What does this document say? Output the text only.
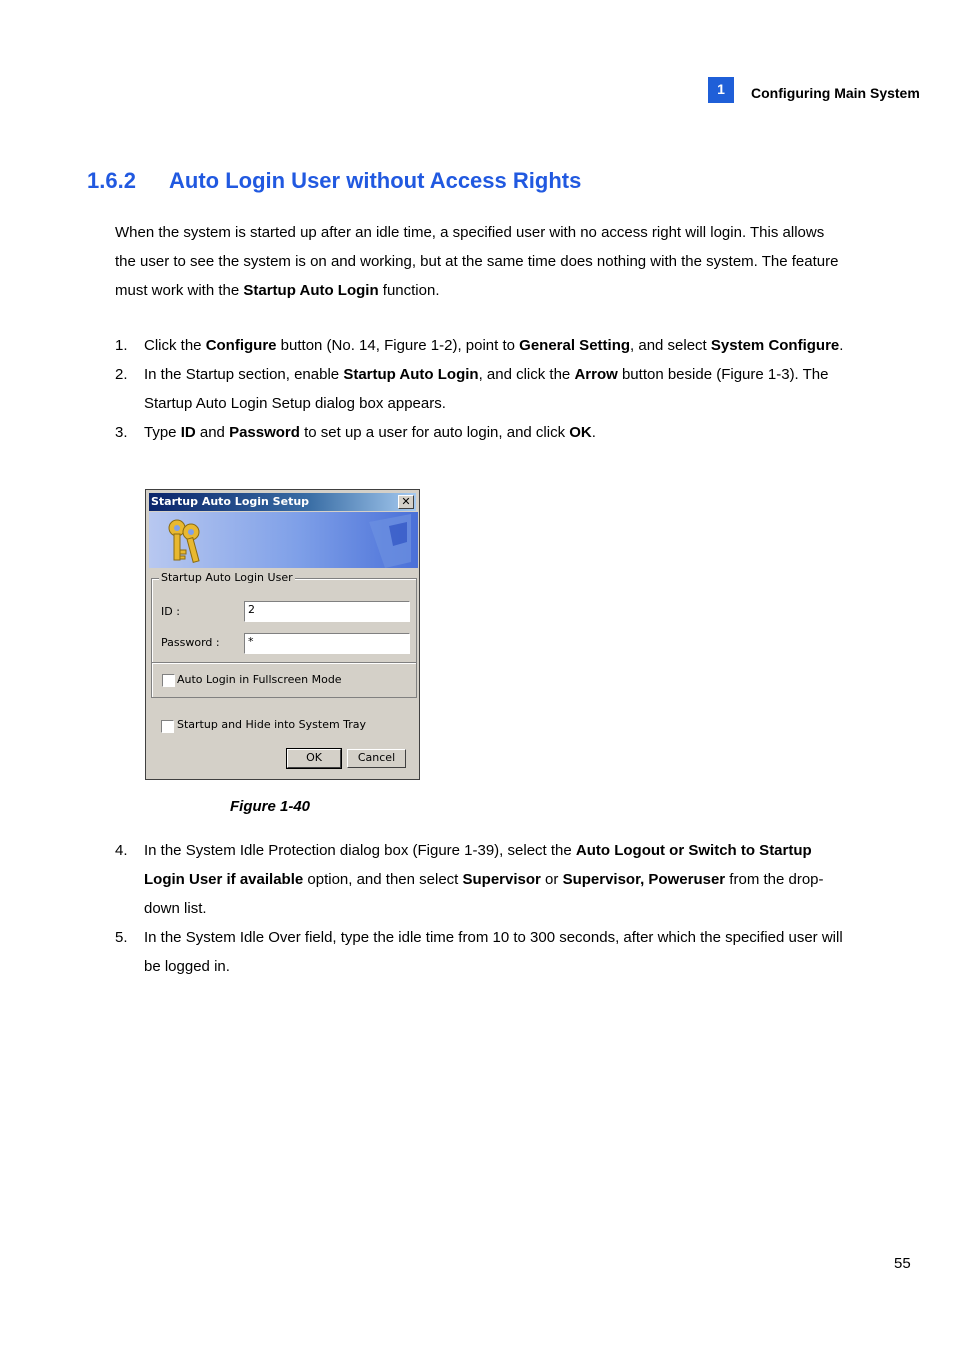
1	Configuring Main System
1.6.2 Auto Login User without Access Rights
When the system is started up after an idle time, a specified user with no access right will login. This allows the user to see the system is on and working, but at the same time does nothing with the system. The feature must work with the Startup Auto Login function.
1. Click the Configure button (No. 14, Figure 1-2), point to General Setting, and select System Configure.
2. In the Startup section, enable Startup Auto Login, and click the Arrow button beside (Figure 1-3). The Startup Auto Login Setup dialog box appears.
3. Type ID and Password to set up a user for auto login, and click OK.
Startup Auto Login Setup	✕
Startup Auto Login User
ID :	2
Password :	*
Auto Login in Fullscreen Mode
Startup and Hide into System Tray
OK	Cancel
Figure 1-40
4. In the System Idle Protection dialog box (Figure 1-39), select the Auto Logout or Switch to Startup Login User if available option, and then select Supervisor or Supervisor, Poweruser from the drop-down list.
5. In the System Idle Over field, type the idle time from 10 to 300 seconds, after which the specified user will be logged in.
55
